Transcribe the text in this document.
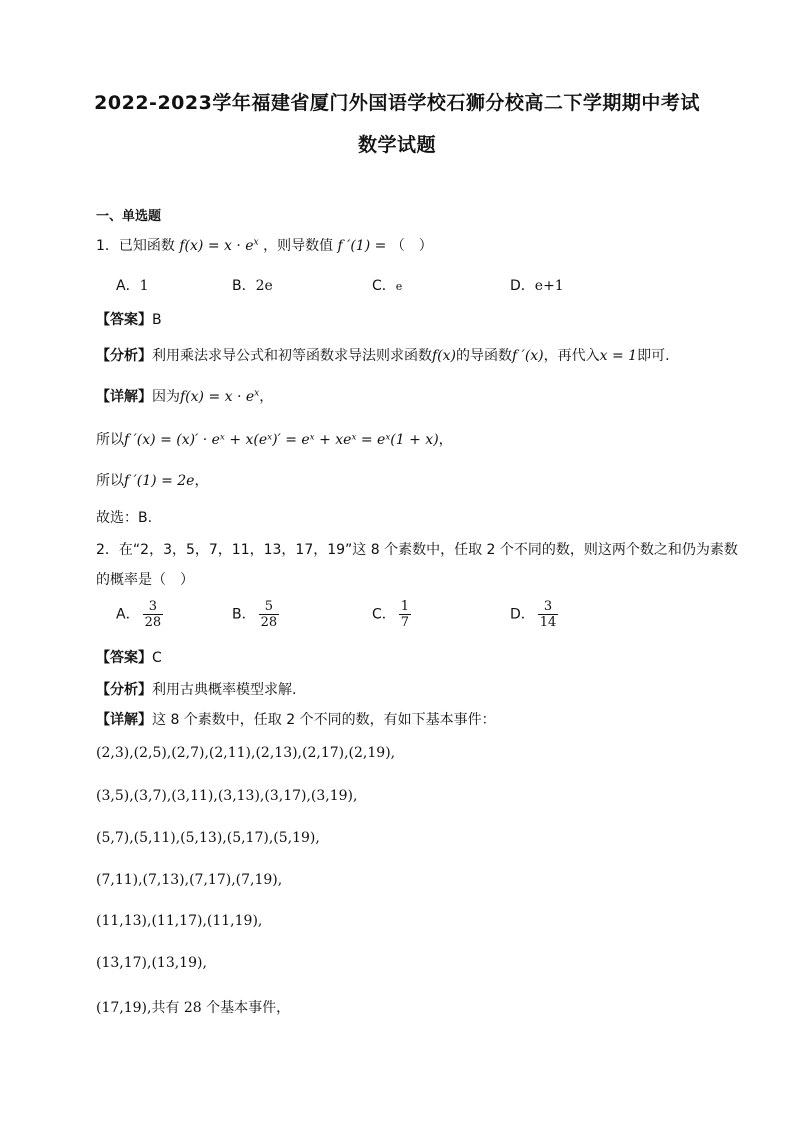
2022-2023学年福建省厦门外国语学校石狮分校高二下学期期中考试
数学试题
一、单选题
1．已知函数 $f(x) = x \cdot e^x$ ，则导数值 f ′(1) = （　）
A．1	B．2e	C．e	D．e+1
【答案】B
【分析】利用乘法求导公式和初等函数求导法则求函数f(x)的导函数f ′(x)，再代入x = 1即可.
【详解】因为$f(x) = x \cdot e^x$，
所以f ′(x) = (x)′ · eˣ + x(eˣ)′ = eˣ + xeˣ = eˣ(1 + x)，
所以f ′(1) = 2e，
故选：B.
2．在“2，3，5，7，11，13，17，19”这 8 个素数中，任取 2 个不同的数，则这两个数之和仍为素数
的概率是（　）
A． $\frac{3}{28}$	B． $\frac{5}{28}$	C． $\frac{1}{7}$	D． $\frac{3}{14}$
【答案】C
【分析】利用古典概率模型求解.
【详解】这 8 个素数中，任取 2 个不同的数，有如下基本事件：
(2,3),(2,5),(2,7),(2,11),(2,13),(2,17),(2,19),
(3,5),(3,7),(3,11),(3,13),(3,17),(3,19),
(5,7),(5,11),(5,13),(5,17),(5,19),
(7,11),(7,13),(7,17),(7,19),
(11,13),(11,17),(11,19),
(13,17),(13,19),
(17,19),共有 28 个基本事件，
